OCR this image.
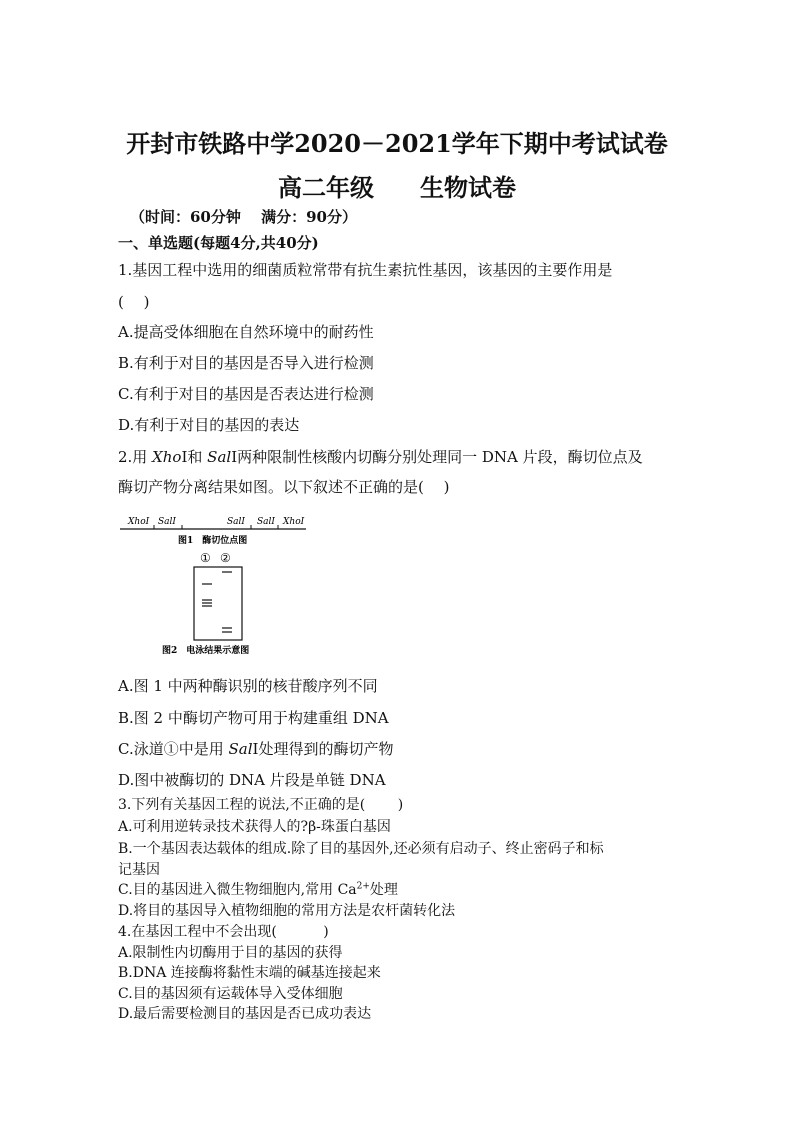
开封市铁路中学2020－2021学年下期中考试试卷
高二年级 生物试卷
（时间：60分钟　 满分：90分）
一、单选题(每题4分,共40分)
1.基因工程中选用的细菌质粒常带有抗生素抗性基因，该基因的主要作用是
(　 )
A.提高受体细胞在自然环境中的耐药性
B.有利于对目的基因是否导入进行检测
C.有利于对目的基因是否表达进行检测
D.有利于对目的基因的表达
2.用 XhoⅠ和 SalⅠ两种限制性核酸内切酶分别处理同一 DNA 片段，酶切位点及
酶切产物分离结果如图。以下叙述不正确的是(　 )
XhoⅠ SalⅠ	SalⅠ SalⅠ XhoⅠ
图1　酶切位点图
① ②
图2　电泳结果示意图
A.图 1 中两种酶识别的核苷酸序列不同
B.图 2 中酶切产物可用于构建重组 DNA
C.泳道①中是用 SalⅠ处理得到的酶切产物
D.图中被酶切的 DNA 片段是单链 DNA
3.下列有关基因工程的说法,不正确的是(　　 )
A.可利用逆转录技术获得人的?β-珠蛋白基因
B.一个基因表达载体的组成.除了目的基因外,还必须有启动子、终止密码子和标
记基因
C.目的基因进入微生物细胞内,常用 $Ca^{2+}$处理
D.将目的基因导入植物细胞的常用方法是农杆菌转化法
4.在基因工程中不会出现(　　　 )
A.限制性内切酶用于目的基因的获得
B.DNA 连接酶将黏性末端的碱基连接起来
C.目的基因须有运载体导入受体细胞
D.最后需要检测目的基因是否已成功表达
